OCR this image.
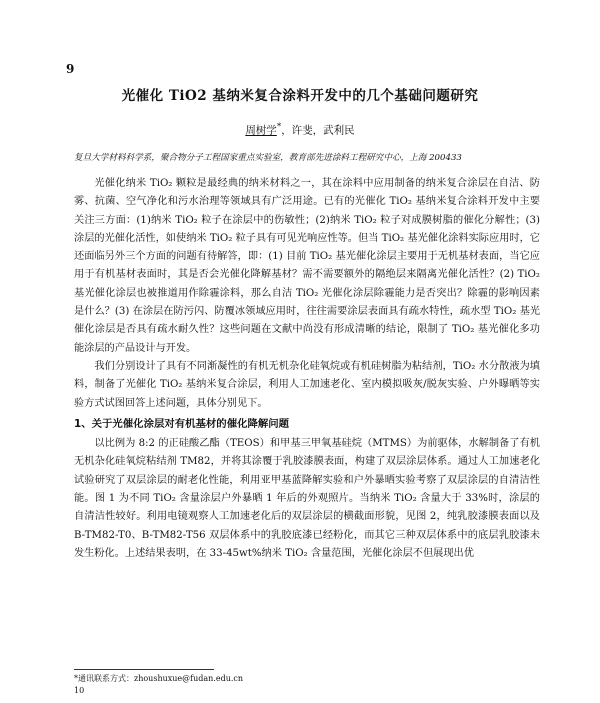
9
光催化 TiO2 基纳米复合涂料开发中的几个基础问题研究
周树学*，许斐，武利民
复旦大学材料科学系，聚合物分子工程国家重点实验室，教育部先进涂料工程研究中心，上海 200433

光催化纳米 TiO₂ 颗粒是最经典的纳米材料之一，其在涂料中应用制备的纳米复合涂层在自洁、防雾、抗菌、空气净化和污水治理等领域具有广泛用途。已有的光催化 TiO₂ 基纳米复合涂料开发中主要关注三方面：(1)纳米 TiO₂ 粒子在涂层中的伤敏性；(2)纳米 TiO₂ 粒子对成膜树脂的催化分解性；(3) 涂层的光催化活性，如使纳米 TiO₂ 粒子具有可见光响应性等。但当 TiO₂ 基光催化涂料实际应用时，它还面临另外三个方面的问题有待解答，即：(1) 目前 TiO₂ 基光催化涂层主要用于无机基材表面，当它应用于有机基材表面时，其是否会光催化降解基材？需不需要额外的隔绝层来隔离光催化活性？(2) TiO₂ 基光催化涂层也被推道用作除霾涂料，那么自洁 TiO₂ 光催化涂层除霾能力是否突出？除霾的影响因素是什么？(3) 在涂层在防污闪、防覆冰领域应用时，往往需要涂层表面具有疏水特性，疏水型 TiO₂ 基光催化涂层是否具有疏水耐久性？这些问题在文献中尚没有形成清晰的结论，限制了 TiO₂ 基光催化多功能涂层的产品设计与开发。

我们分别设计了具有不同渐凝性的有机无机杂化硅氧烷或有机硅树脂为粘结剂，TiO₂ 水分散液为填料，制备了光催化 TiO₂ 基纳米复合涂层，利用人工加速老化、室内模拟吸灰/脱灰实验、户外曝晒等实验方式试图回答上述问题，具体分别见下。

1、关于光催化涂层对有机基材的催化降解问题

以比例为 8:2 的正硅酸乙酯（TEOS）和甲基三甲氧基硅烷（MTMS）为前驱体，水解制备了有机无机杂化硅氧烷粘结剂 TM82，并将其涂覆于乳胶漆膜表面，构建了双层涂层体系。通过人工加速老化试验研究了双层涂层的耐老化性能，利用亚甲基蓝降解实验和户外暴晒实验考察了双层涂层的自清洁性能。图 1 为不同 TiO₂ 含量涂层户外暴晒 1 年后的外观照片。当纳米 TiO₂ 含量大于 33%时，涂层的自清洁性较好。利用电镜观察人工加速老化后的双层涂层的横截面形貌，见图 2，纯乳胶漆膜表面以及 B-TM82-T0、B-TM82-T56 双层体系中的乳胶底漆已经粉化，而其它三种双层体系中的底层乳胶漆未发生粉化。上述结果表明，在 33-45wt%纳米 TiO₂ 含量范围，光催化涂层不但展现出优

*通讯联系方式：zhoushuxue@fudan.edu.cn
10
